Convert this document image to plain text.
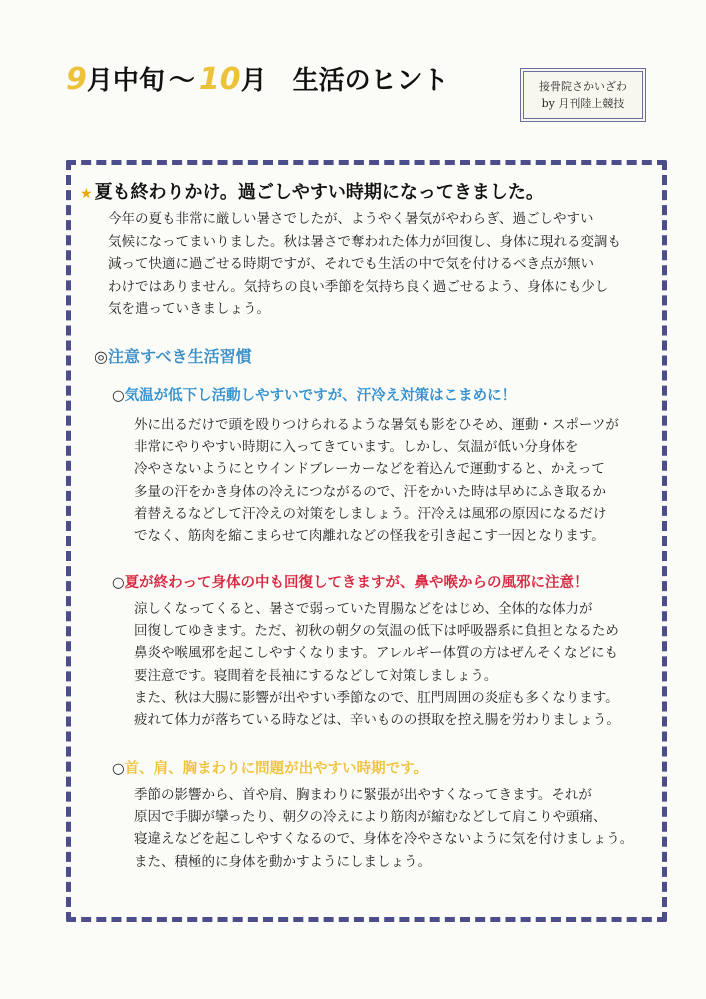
9 月中旬 ～ 10 月 生活のヒント	接骨院さかいざわ
by 月刊陸上競技
★ 夏も終わりかけ。過ごしやすい時期になってきました。
今年の夏も非常に厳しい暑さでしたが、ようやく暑気がやわらぎ、過ごしやすい
気候になってまいりました。秋は暑さで奪われた体力が回復し、身体に現れる変調も
減って快適に過ごせる時期ですが、それでも生活の中で気を付けるべき点が無い
わけではありません。気持ちの良い季節を気持ち良く過ごせるよう、身体にも少し
気を遣っていきましょう。
◎注意すべき生活習慣
○気温が低下し活動しやすいですが、汗冷え対策はこまめに！
外に出るだけで頭を殴りつけられるような暑気も影をひそめ、運動・スポーツが
非常にやりやすい時期に入ってきています。しかし、気温が低い分身体を
冷やさないようにとウインドブレーカーなどを着込んで運動すると、かえって
多量の汗をかき身体の冷えにつながるので、汗をかいた時は早めにふき取るか
着替えるなどして汗冷えの対策をしましょう。汗冷えは風邪の原因になるだけ
でなく、筋肉を縮こまらせて肉離れなどの怪我を引き起こす一因となります。
○夏が終わって身体の中も回復してきますが、鼻や喉からの風邪に注意！
涼しくなってくると、暑さで弱っていた胃腸などをはじめ、全体的な体力が
回復してゆきます。ただ、初秋の朝夕の気温の低下は呼吸器系に負担となるため
鼻炎や喉風邪を起こしやすくなります。アレルギー体質の方はぜんそくなどにも
要注意です。寝間着を長袖にするなどして対策しましょう。
また、秋は大腸に影響が出やすい季節なので、肛門周囲の炎症も多くなります。
疲れて体力が落ちている時などは、辛いものの摂取を控え腸を労わりましょう。
○首、肩、胸まわりに問題が出やすい時期です。
季節の影響から、首や肩、胸まわりに緊張が出やすくなってきます。それが
原因で手脚が攣ったり、朝夕の冷えにより筋肉が縮むなどして肩こりや頭痛、
寝違えなどを起こしやすくなるので、身体を冷やさないように気を付けましょう。
また、積極的に身体を動かすようにしましょう。
